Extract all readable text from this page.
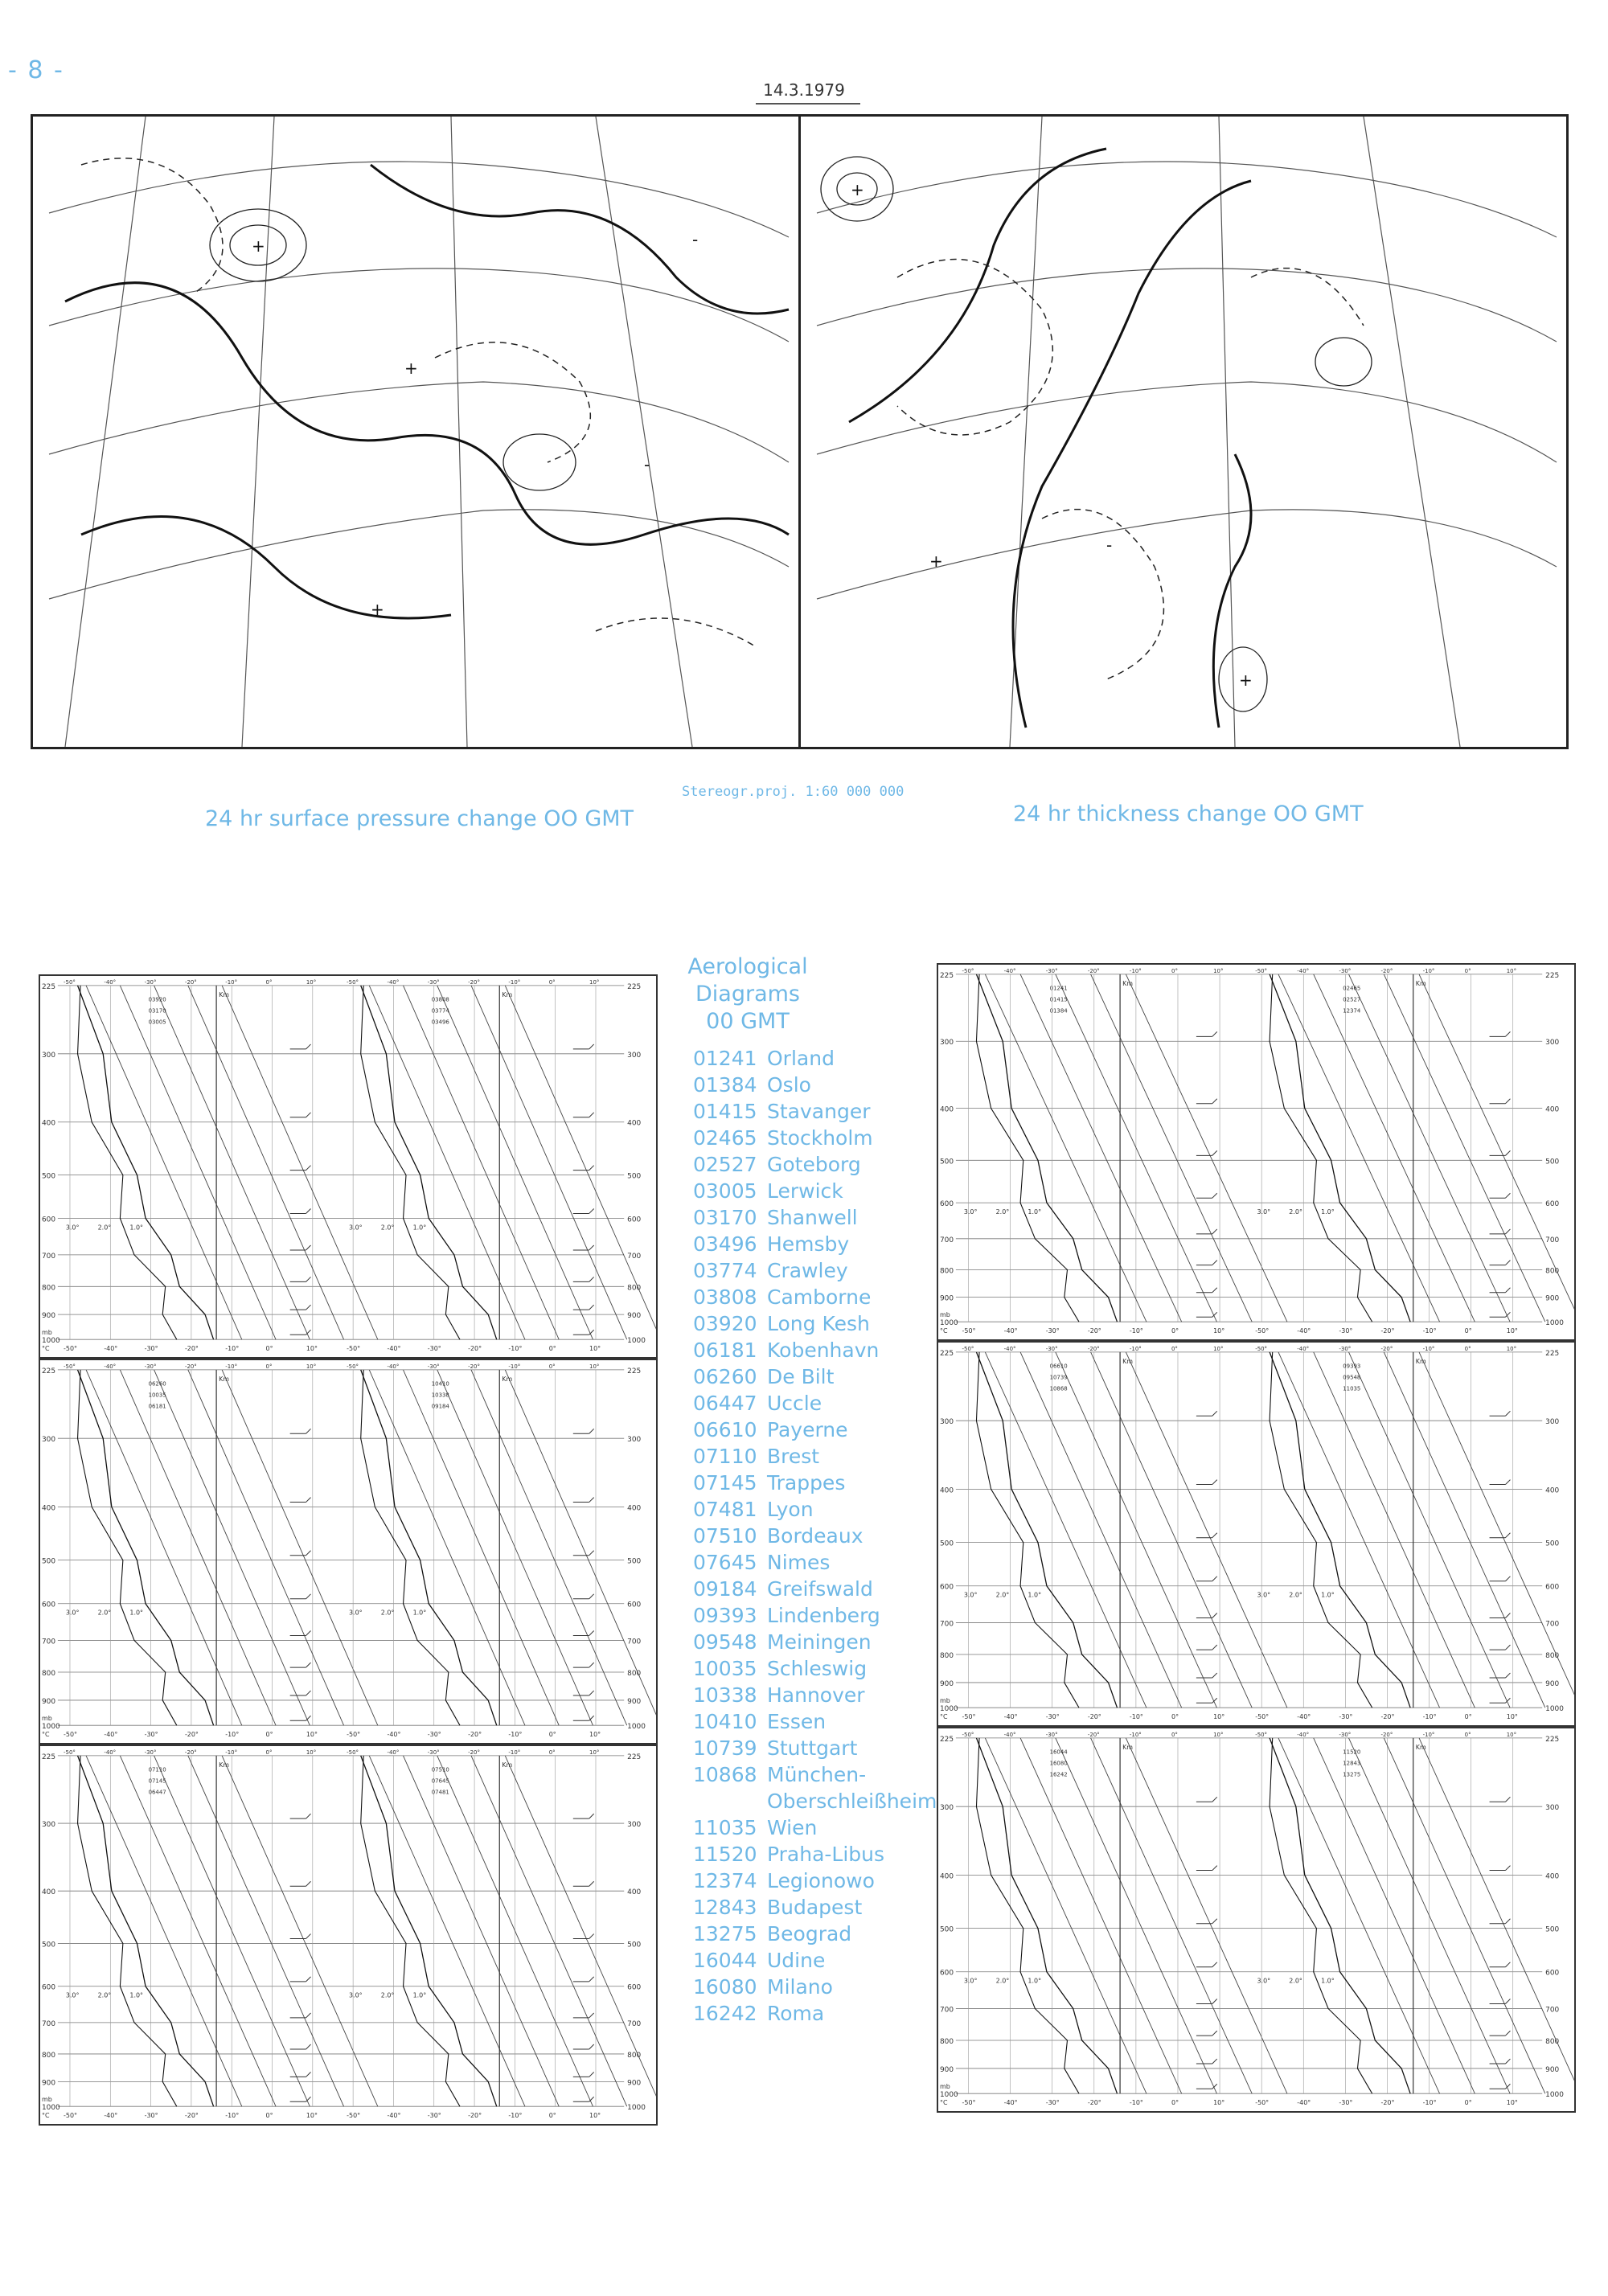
- 8 -
14.3.1979
+
+
-
-
+
+
+
-
+
24 hr surface pressure change OO GMT	24 hr thickness change OO GMT
Stereogr.proj. 1:60 000 000
Aerological
Diagrams
00 GMT
01241 Orland
01384 Oslo
01415 Stavanger
02465 Stockholm
02527 Goteborg
03005 Lerwick
03170 Shanwell
03496 Hemsby
03774 Crawley
03808 Camborne
03920 Long Kesh
06181 Kobenhavn
06260 De Bilt
06447 Uccle
06610 Payerne
07110 Brest
07145 Trappes
07481 Lyon
07510 Bordeaux
07645 Nimes
09184 Greifswald
09393 Lindenberg
09548 Meiningen
10035 Schleswig
10338 Hannover
10410 Essen
10739 Stuttgart
10868 München-
Oberschleißheim
11035 Wien
11520 Praha-Libus
12374 Legionowo
12843 Budapest
13275 Beograd
16044 Udine
16080 Milano
16242 Roma
225	225
300	300
400	400
500	500
600	600
700	700
800	800
900	900
1000	1000
-50°
-50°
-40°
-40°
-30°
-30°
-20°
-20°
-10°
-10°
0°
0°
10°
10°
Km
3.0°	2.0°	1.0°
03920
03170
03005
-50°
-50°
-40°
-40°
-30°
-30°
-20°
-20°
-10°
-10°
0°
0°
10°
10°
Km
3.0°	2.0°	1.0°
03808
03774
03496
mb
°C
225	225
300	300
400	400
500	500
600	600
700	700
800	800
900	900
1000	1000
-50°
-50°
-40°
-40°
-30°
-30°
-20°
-20°
-10°
-10°
0°
0°
10°
10°
Km
3.0°	2.0°	1.0°
01241
01415
01384
-50°
-50°
-40°
-40°
-30°
-30°
-20°
-20°
-10°
-10°
0°
0°
10°
10°
Km
3.0°	2.0°	1.0°
02465
02527
12374
mb
°C
225	225
300	300
400	400
500	500
600	600
700	700
800	800
900	900
1000	1000
-50°
-50°
-40°
-40°
-30°
-30°
-20°
-20°
-10°
-10°
0°
0°
10°
10°
Km
3.0°	2.0°	1.0°
06260
10035
06181
-50°
-50°
-40°
-40°
-30°
-30°
-20°
-20°
-10°
-10°
0°
0°
10°
10°
Km
3.0°	2.0°	1.0°
10410
10338
09184
mb
°C
225	225
300	300
400	400
500	500
600	600
700	700
800	800
900	900
1000	1000
-50°
-50°
-40°
-40°
-30°
-30°
-20°
-20°
-10°
-10°
0°
0°
10°
10°
Km
3.0°	2.0°	1.0°
06610
10739
10868
-50°
-50°
-40°
-40°
-30°
-30°
-20°
-20°
-10°
-10°
0°
0°
10°
10°
Km
3.0°	2.0°	1.0°
09393
09548
11035
mb
°C
225	225
300	300
400	400
500	500
600	600
700	700
800	800
900	900
1000	1000
-50°
-50°
-40°
-40°
-30°
-30°
-20°
-20°
-10°
-10°
0°
0°
10°
10°
Km
3.0°	2.0°	1.0°
07110
07145
06447
-50°
-50°
-40°
-40°
-30°
-30°
-20°
-20°
-10°
-10°
0°
0°
10°
10°
Km
3.0°	2.0°	1.0°
07510
07645
07481
mb
°C
225	225
300	300
400	400
500	500
600	600
700	700
800	800
900	900
1000	1000
-50°
-50°
-40°
-40°
-30°
-30°
-20°
-20°
-10°
-10°
0°
0°
10°
10°
Km
3.0°	2.0°	1.0°
16044
16080
16242
-50°
-50°
-40°
-40°
-30°
-30°
-20°
-20°
-10°
-10°
0°
0°
10°
10°
Km
3.0°	2.0°	1.0°
11520
12843
13275
mb
°C
